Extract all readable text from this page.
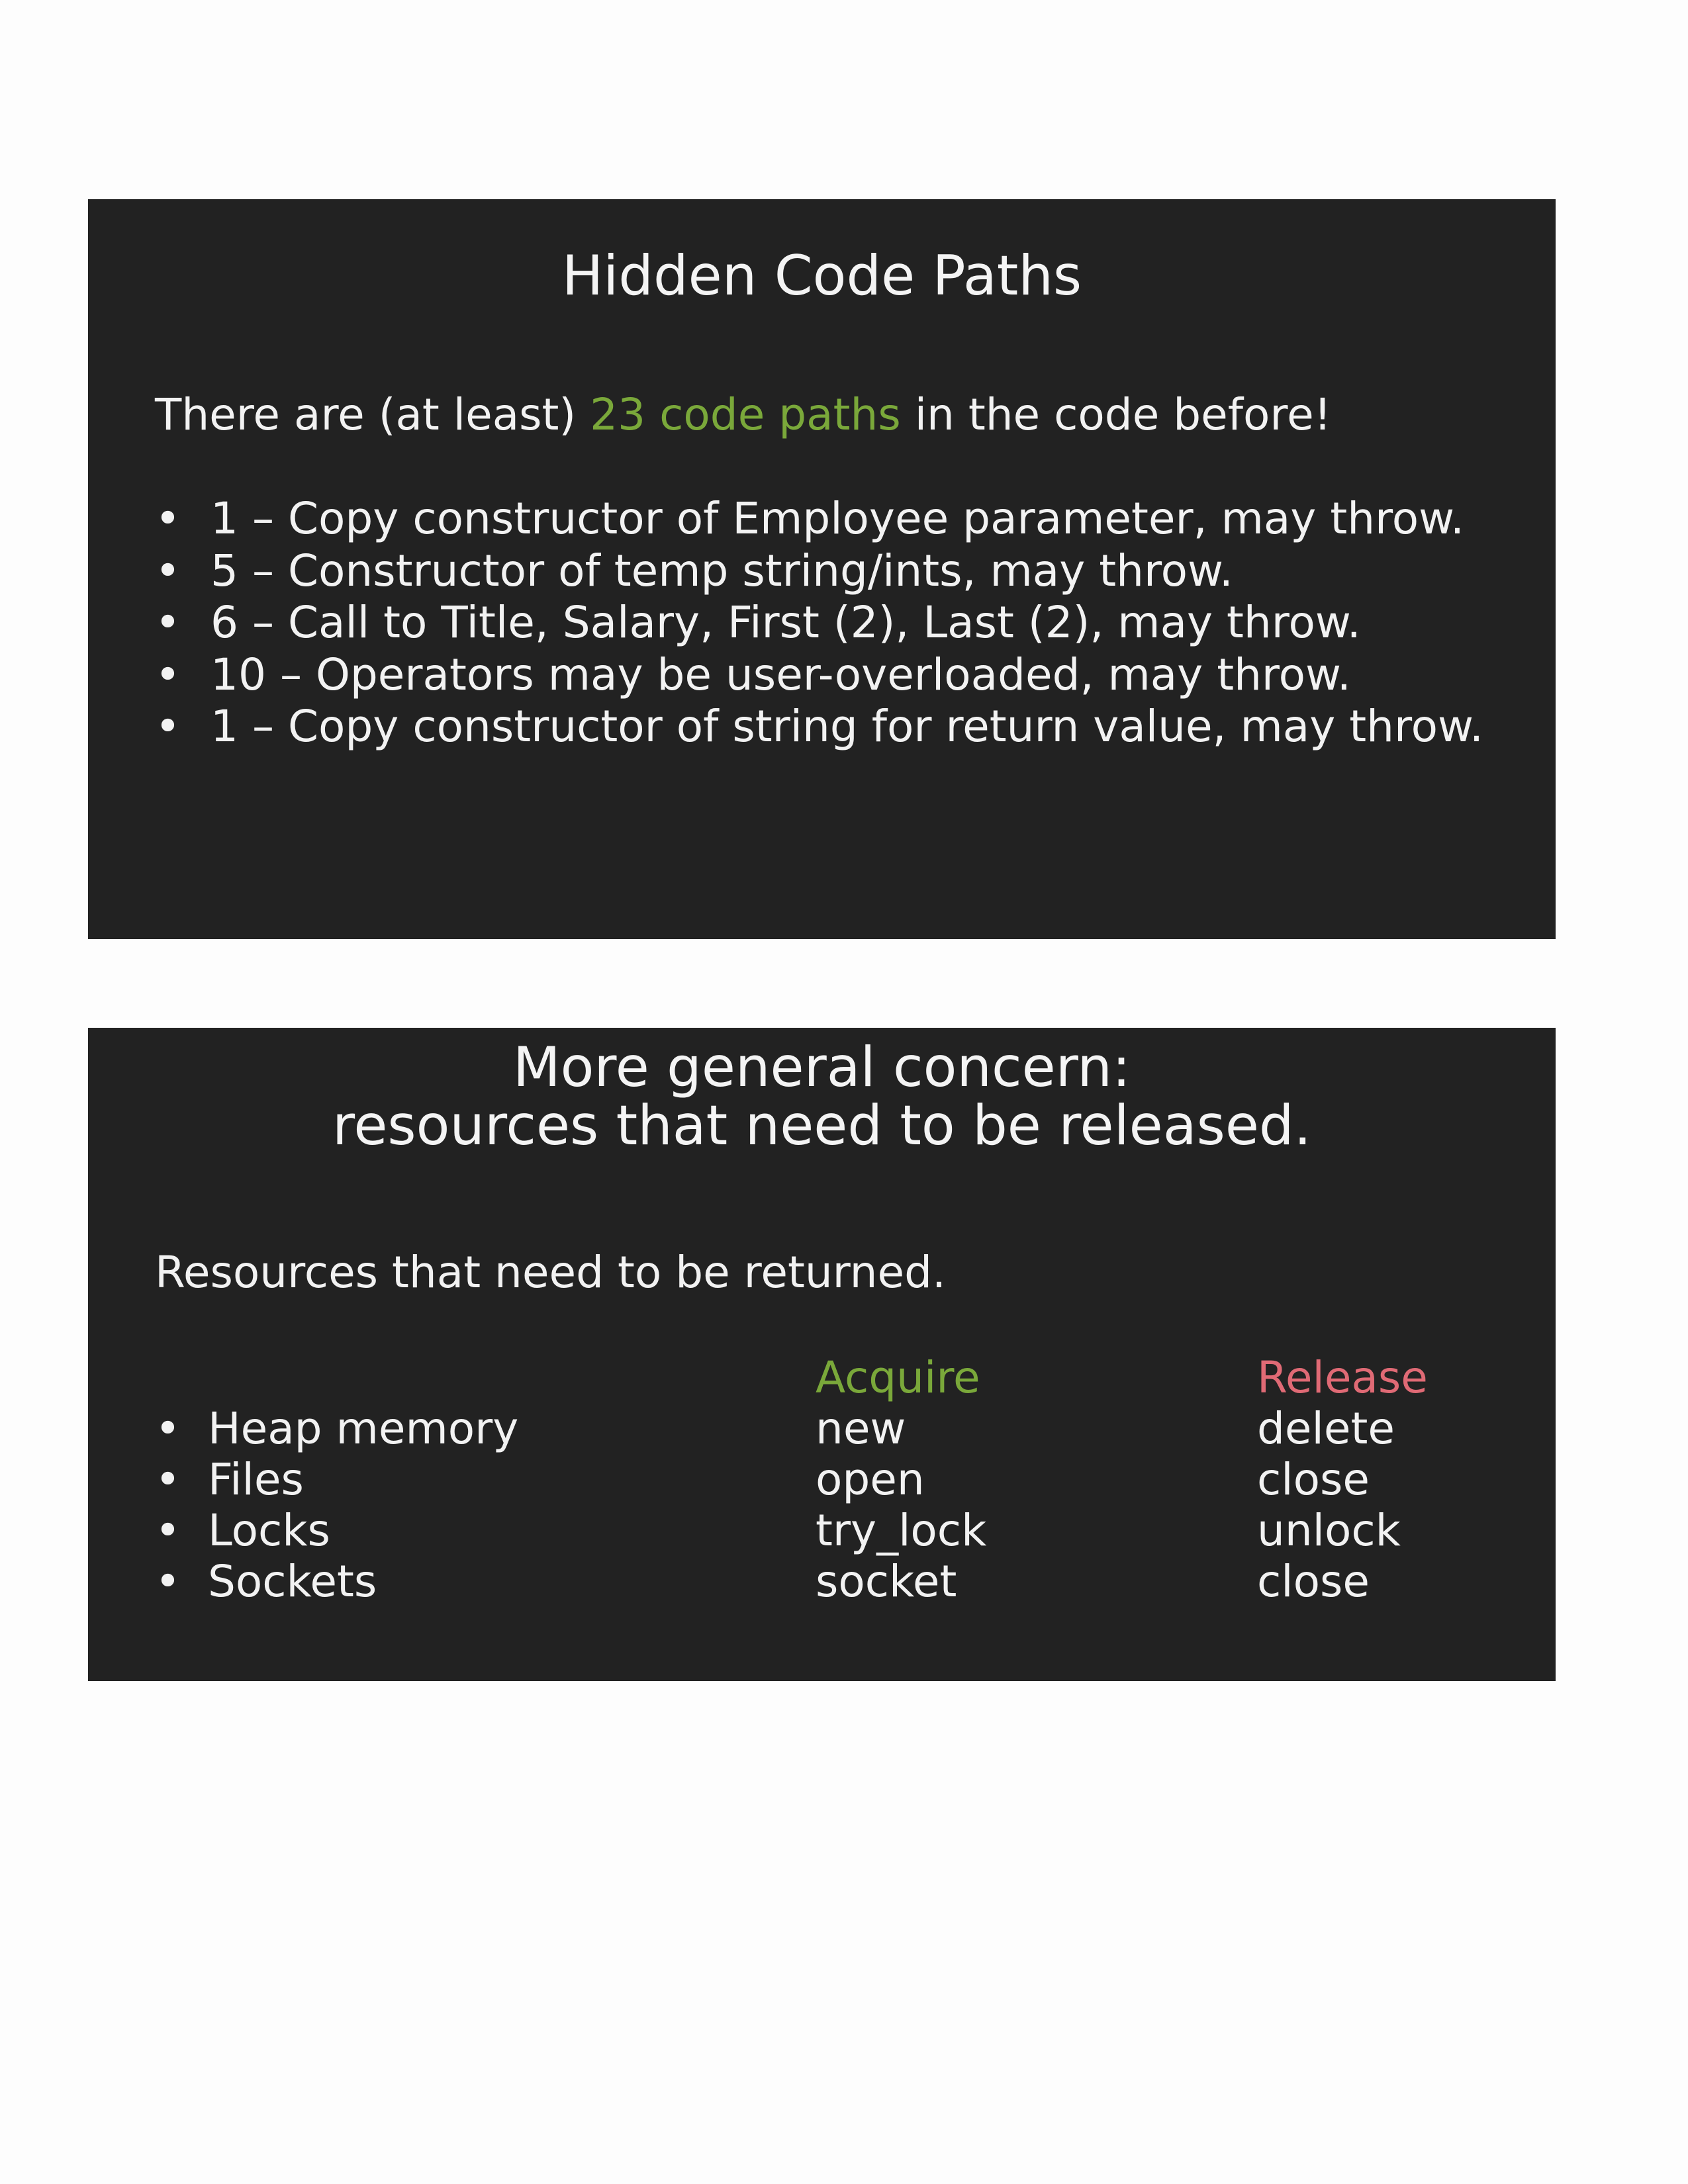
Hidden Code Paths

There are (at least) 23 code paths in the code before!

• 1 – Copy constructor of Employee parameter, may throw.
• 5 – Constructor of temp string/ints, may throw.
• 6 – Call to Title, Salary, First (2), Last (2), may throw.
• 10 – Operators may be user-overloaded, may throw.
• 1 – Copy constructor of string for return value, may throw.
More general concern:
resources that need to be released.

Resources that need to be returned.

• Heap memory
• Files
• Locks
• Sockets
Acquire
new
open
try_lock
socket
Release
delete
close
unlock
close
